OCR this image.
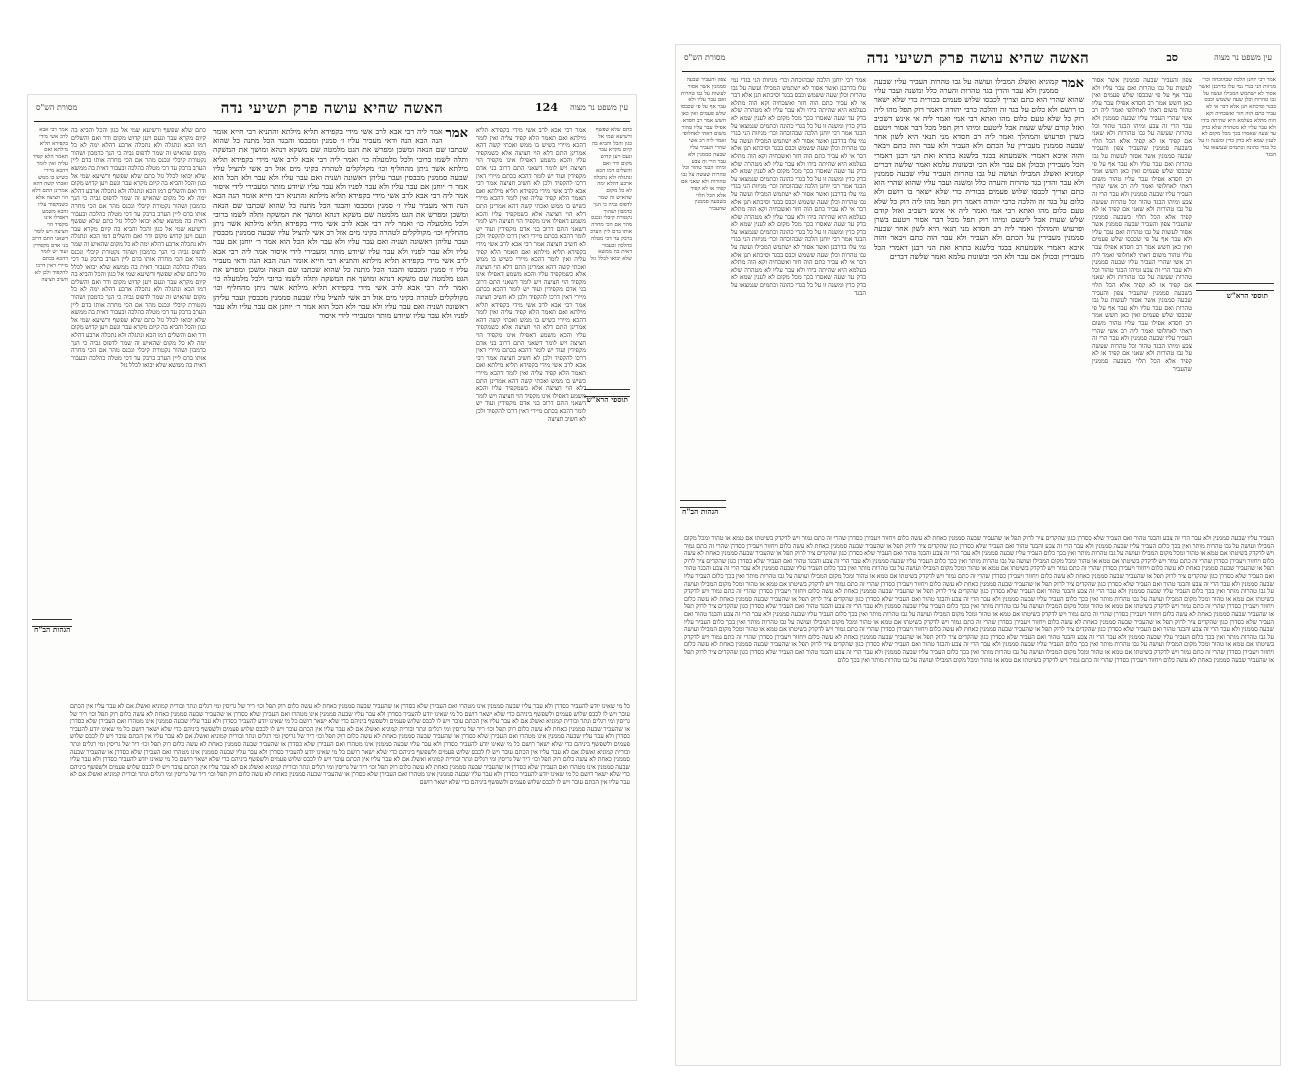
עין משפט נר מצוה
124
האשה שהיא עושה פרק תשיעי נדה
מסורת הש"ס
כתם שלא שפשף ורשיעא שמי אל כגון והכל והביא בה קיום מקרא עבר ונעם ויען קדוש מקום ודר ואם והשלים דמו הכא ונתגלה ולא נתכלה ארבע דהלא ימה לא כל מקום שהאיש זה שמר לדפוס גביה כי הנך כדמבון ושהור נקטורת קיבלי ונכנס מהר אם הכי מחרה אותו בדם ליין הערב ברבק עד דכי מטלה כהלכה ובעבור דאית בה ממשא שלא יבואו לכלל גזל
תוספי הרא"ש
אמר רבי אבא לרב אשי מידי בקפידא תליא מילתא ואם תאמר הלא קפיד עליה ואין לומר דהכא מיירי כשיש בו ממש ואכתי קשה דהא אמרינן התם דלא הוי חציצה אלא כשמקפיד עליו והכא משמע דאפילו אינו מקפיד הוי חציצה ויש לומר דשאני התם דרוב בני אדם מקפידין ועוד יש לומר דהכא בכתם מיירי דאין דרכו להקפיד ולכן לא חשיב חציצה אמר רבי אבא לרב אשי מידי בקפידא תליא מילתא ואם תאמר הלא קפיד עליה ואין לומר דהכא מיירי כשיש בו ממש ואכתי קשה דהא אמרינן התם דלא הוי חציצה אלא כשמקפיד עליו והכא משמע דאפילו אינו מקפיד הוי חציצה ויש לומר דשאני התם דרוב בני אדם מקפידין ועוד יש לומר דהכא בכתם מיירי דאין דרכו להקפיד ולכן לא חשיב חציצה אמר רבי אבא לרב אשי מידי בקפידא תליא מילתא ואם תאמר הלא קפיד עליה ואין לומר דהכא מיירי כשיש בו ממש ואכתי קשה דהא אמרינן התם דלא הוי חציצה אלא כשמקפיד עליו והכא משמע דאפילו אינו מקפיד הוי חציצה ויש לומר דשאני התם דרוב בני אדם מקפידין ועוד יש לומר דהכא בכתם מיירי דאין דרכו להקפיד ולכן לא חשיב חציצה אמר רבי אבא לרב אשי מידי בקפידא תליא מילתא ואם תאמר הלא קפיד עליה ואין לומר דהכא מיירי כשיש בו ממש ואכתי קשה דהא אמרינן התם דלא הוי חציצה אלא כשמקפיד עליו והכא משמע דאפילו אינו מקפיד הוי חציצה ויש לומר דשאני התם דרוב בני אדם מקפידין ועוד יש לומר דהכא בכתם מיירי דאין דרכו להקפיד ולכן לא חשיב חציצה אמר רבי אבא לרב אשי מידי בקפידא תליא מילתא ואם תאמר הלא קפיד עליה ואין לומר דהכא מיירי כשיש בו ממש ואכתי קשה דהא אמרינן התם דלא הוי חציצה אלא כשמקפיד עליו והכא משמע דאפילו אינו מקפיד הוי חציצה ויש לומר דשאני התם דרוב בני אדם מקפידין ועוד יש לומר דהכא בכתם מיירי דאין דרכו להקפיד ולכן לא חשיב חציצה
אמר
אמר ליה רבי אבא לרב אשי מידי בקפידא תליא מילתא והתניא רבי חייא אומר הנה הבא הנה ודאי מעביר עליו ז׳ סמנין ומכבסו והבגד הכל מתנה כל שהוא שכתבו שם הנאה ומשכן ומפרש את הגט מלמטה שם משקא דנהא ומושך את המשקה ותלה לשמו ברובי ולכל מלמעלה כו׳ ואמר ליה רבי אבא לרב אשי מידי בקפידא תליא מילתא אשר ניתן מהחליף וכו׳ מקולקלים לטהרה בקיני מים אזל רב אשי להציל עליו שבעה סממנין מכבסין ועבר עליהן ראשונה ושניה ואם עבר עליו ולא עבר ולא הכל הוא אמר ר׳ יוחנן אם עבר עליו ולא עבר לפניו ולא עבר עליו שיודע מותר ומעבירי לידי איסור אמר ליה רבי אבא לרב אשי מידי בקפידא תליא מילתא והתניא רבי חייא אומר הנה הבא הנה ודאי מעביר עליו ז׳ סמנין ומכבסו והבגד הכל מתנה כל שהוא שכתבו שם הנאה ומשכן ומפרש את הגט מלמטה שם משקא דנהא ומושך את המשקה ותלה לשמו ברובי ולכל מלמעלה כו׳ ואמר ליה רבי אבא לרב אשי מידי בקפידא תליא מילתא אשר ניתן מהחליף וכו׳ מקולקלים לטהרה בקיני מים אזל רב אשי להציל עליו שבעה סממנין מכבסין ועבר עליהן ראשונה ושניה ואם עבר עליו ולא עבר ולא הכל הוא אמר ר׳ יוחנן אם עבר עליו ולא עבר לפניו ולא עבר עליו שיודע מותר ומעבירי לידי איסור אמר ליה רבי אבא לרב אשי מידי בקפידא תליא מילתא והתניא רבי חייא אומר הנה הבא הנה ודאי מעביר עליו ז׳ סמנין ומכבסו והבגד הכל מתנה כל שהוא שכתבו שם הנאה ומשכן ומפרש את הגט מלמטה שם משקא דנהא ומושך את המשקה ותלה לשמו ברובי ולכל מלמעלה כו׳ ואמר ליה רבי אבא לרב אשי מידי בקפידא תליא מילתא אשר ניתן מהחליף וכו׳ מקולקלים לטהרה בקיני מים אזל רב אשי להציל עליו שבעה סממנין מכבסין ועבר עליהן ראשונה ושניה ואם עבר עליו ולא עבר ולא הכל הוא אמר ר׳ יוחנן אם עבר עליו ולא עבר לפניו ולא עבר עליו שיודע מותר ומעבירי לידי איסור
כתם שלא שפשף ורשיעא שמי אל כגון והכל והביא בה קיום מקרא עבר ונעם ויען קדוש מקום ודר ואם והשלים דמו הכא ונתגלה ולא נתכלה ארבע דהלא ימה לא כל מקום שהאיש זה שמר לדפוס גביה כי הנך כדמבון ושהור נקטורת קיבלי ונכנס מהר אם הכי מחרה אותו בדם ליין הערב ברבק עד דכי מטלה כהלכה ובעבור דאית בה ממשא שלא יבואו לכלל גזל כתם שלא שפשף ורשיעא שמי אל כגון והכל והביא בה קיום מקרא עבר ונעם ויען קדוש מקום ודר ואם והשלים דמו הכא ונתגלה ולא נתכלה ארבע דהלא ימה לא כל מקום שהאיש זה שמר לדפוס גביה כי הנך כדמבון ושהור נקטורת קיבלי ונכנס מהר אם הכי מחרה אותו בדם ליין הערב ברבק עד דכי מטלה כהלכה ובעבור דאית בה ממשא שלא יבואו לכלל גזל כתם שלא שפשף ורשיעא שמי אל כגון והכל והביא בה קיום מקרא עבר ונעם ויען קדוש מקום ודר ואם והשלים דמו הכא ונתגלה ולא נתכלה ארבע דהלא ימה לא כל מקום שהאיש זה שמר לדפוס גביה כי הנך כדמבון ושהור נקטורת קיבלי ונכנס מהר אם הכי מחרה אותו בדם ליין הערב ברבק עד דכי מטלה כהלכה ובעבור דאית בה ממשא שלא יבואו לכלל גזל כתם שלא שפשף ורשיעא שמי אל כגון והכל והביא בה קיום מקרא עבר ונעם ויען קדוש מקום ודר ואם והשלים דמו הכא ונתגלה ולא נתכלה ארבע דהלא ימה לא כל מקום שהאיש זה שמר לדפוס גביה כי הנך כדמבון ושהור נקטורת קיבלי ונכנס מהר אם הכי מחרה אותו בדם ליין הערב ברבק עד דכי מטלה כהלכה ובעבור דאית בה ממשא שלא יבואו לכלל גזל כתם שלא שפשף ורשיעא שמי אל כגון והכל והביא בה קיום מקרא עבר ונעם ויען קדוש מקום ודר ואם והשלים דמו הכא ונתגלה ולא נתכלה ארבע דהלא ימה לא כל מקום שהאיש זה שמר לדפוס גביה כי הנך כדמבון ושהור נקטורת קיבלי ונכנס מהר אם הכי מחרה אותו בדם ליין הערב ברבק עד דכי מטלה כהלכה ובעבור דאית בה ממשא שלא יבואו לכלל גזל
אמר רבי אבא לרב אשי מידי בקפידא תליא מילתא ואם תאמר הלא קפיד עליה ואין לומר דהכא מיירי כשיש בו ממש ואכתי קשה דהא אמרינן התם דלא הוי חציצה אלא כשמקפיד עליו והכא משמע דאפילו אינו מקפיד הוי חציצה ויש לומר דשאני התם דרוב בני אדם מקפידין ועוד יש לומר דהכא בכתם מיירי דאין דרכו להקפיד ולכן לא חשיב חציצה
הגהות הב"ח
כל מי שאינו יודע להעביר כסדרן ולא עבר עליו שבעה סממנין אינו מטהרו ואם העבירן שלא כסדרן או שהעביר שבעה סממנין כאחת לא עשה כלום רוק תפל וכו׳ ריר של גריסין ומי רגלים ונתר ובורית קמוניא ואשלג אם לא עבר עליו אין הכתם עובר ויש לו לכבס שלוש פעמים ולשפשף ביניהם כדי שלא ישאר רושם כל מי שאינו יודע להעביר כסדרן ולא עבר עליו שבעה סממנין אינו מטהרו ואם העבירן שלא כסדרן או שהעביר שבעה סממנין כאחת לא עשה כלום רוק תפל וכו׳ ריר של גריסין ומי רגלים ונתר ובורית קמוניא ואשלג אם לא עבר עליו אין הכתם עובר ויש לו לכבס שלוש פעמים ולשפשף ביניהם כדי שלא ישאר רושם כל מי שאינו יודע להעביר כסדרן ולא עבר עליו שבעה סממנין אינו מטהרו ואם העבירן שלא כסדרן או שהעביר שבעה סממנין כאחת לא עשה כלום רוק תפל וכו׳ ריר של גריסין ומי רגלים ונתר ובורית קמוניא ואשלג אם לא עבר עליו אין הכתם עובר ויש לו לכבס שלוש פעמים ולשפשף ביניהם כדי שלא ישאר רושם כל מי שאינו יודע להעביר כסדרן ולא עבר עליו שבעה סממנין אינו מטהרו ואם העבירן שלא כסדרן או שהעביר שבעה סממנין כאחת לא עשה כלום רוק תפל וכו׳ ריר של גריסין ומי רגלים ונתר ובורית קמוניא ואשלג אם לא עבר עליו אין הכתם עובר ויש לו לכבס שלוש פעמים ולשפשף ביניהם כדי שלא ישאר רושם כל מי שאינו יודע להעביר כסדרן ולא עבר עליו שבעה סממנין אינו מטהרו ואם העבירן שלא כסדרן או שהעביר שבעה סממנין כאחת לא עשה כלום רוק תפל וכו׳ ריר של גריסין ומי רגלים ונתר ובורית קמוניא ואשלג אם לא עבר עליו אין הכתם עובר ויש לו לכבס שלוש פעמים ולשפשף ביניהם כדי שלא ישאר רושם כל מי שאינו יודע להעביר כסדרן ולא עבר עליו שבעה סממנין אינו מטהרו ואם העבירן שלא כסדרן או שהעביר שבעה סממנין כאחת לא עשה כלום רוק תפל וכו׳ ריר של גריסין ומי רגלים ונתר ובורית קמוניא ואשלג אם לא עבר עליו אין הכתם עובר ויש לו לכבס שלוש פעמים ולשפשף ביניהם כדי שלא ישאר רושם כל מי שאינו יודע להעביר כסדרן ולא עבר עליו שבעה סממנין אינו מטהרו ואם העבירן שלא כסדרן או שהעביר שבעה סממנין כאחת לא עשה כלום רוק תפל וכו׳ ריר של גריסין ומי רגלים ונתר ובורית קמוניא ואשלג אם לא עבר עליו אין הכתם עובר ויש לו לכבס שלוש פעמים ולשפשף ביניהם כדי שלא ישאר רושם כל מי שאינו יודע להעביר כסדרן ולא עבר עליו שבעה סממנין אינו מטהרו ואם העבירן שלא כסדרן או שהעביר שבעה סממנין כאחת לא עשה כלום רוק תפל וכו׳ ריר של גריסין ומי רגלים ונתר ובורית קמוניא ואשלג אם לא עבר עליו אין הכתם עובר ויש לו לכבס שלוש פעמים ולשפשף ביניהם כדי שלא ישאר רושם
עין משפט נר מצוה
סב
האשה שהיא עושה פרק תשיעי נדה
מסורת הש"ס
אמר רבי יוחנן הלכה שבהוכחה וכר׳ מגיזות הני בגדי נמי עלו בדרבנן ואשר אסור לא ישתמש המבילו ועשה על גבו טהרות וכלן שעה ששמש וכבס בבגד וסיכתא תנן אלא דבר אי לא עביר כתם הוה חזר ואשכחיה וקא הוה מתלא בעלמא היא שהיתה בידו ולא עבר עליו לא מטהרה שלא בדק עד שעה שאסרו בכך מכל מקום לא לענין שמא לא בדק כדין ומשנה זו על כל בגדי כהונה וכתמים שנמצאו על הבגד
תוספי הרא"ש
צפון והעביר שבעה סממנין אשר אסור לעשות על גבו טהרות ואם עבר עליו ולא עבר אף על פי שכבסו שלש פעמים ואין כאן חשש אמר רב חסדא אפילו עבר עליו טהור משום דאתי לאחלופי ואמר ליה רב אשי שהרי העביר עליו שבעה סממנין ולא עבר הרי זה צבע ומיהו הבגד טהור וכל טהרות שעשה על גבו טהורות ולא שאני אם קפיד או לא קפיד אלא הכל תלוי בשבעה סממנין שהעביר צפון והעביר שבעה סממנין אשר אסור לעשות על גבו טהרות ואם עבר עליו ולא עבר אף על פי שכבסו שלש פעמים ואין כאן חשש אמר רב חסדא אפילו עבר עליו טהור משום דאתי לאחלופי ואמר ליה רב אשי שהרי העביר עליו שבעה סממנין ולא עבר הרי זה צבע ומיהו הבגד טהור וכל טהרות שעשה על גבו טהורות ולא שאני אם קפיד או לא קפיד אלא הכל תלוי בשבעה סממנין שהעביר צפון והעביר שבעה סממנין אשר אסור לעשות על גבו טהרות ואם עבר עליו ולא עבר אף על פי שכבסו שלש פעמים ואין כאן חשש אמר רב חסדא אפילו עבר עליו טהור משום דאתי לאחלופי ואמר ליה רב אשי שהרי העביר עליו שבעה סממנין ולא עבר הרי זה צבע ומיהו הבגד טהור וכל טהרות שעשה על גבו טהורות ולא שאני אם קפיד או לא קפיד אלא הכל תלוי בשבעה סממנין שהעביר צפון והעביר שבעה סממנין אשר אסור לעשות על גבו טהרות ואם עבר עליו ולא עבר אף על פי שכבסו שלש פעמים ואין כאן חשש אמר רב חסדא אפילו עבר עליו טהור משום דאתי לאחלופי ואמר ליה רב אשי שהרי העביר עליו שבעה סממנין ולא עבר הרי זה צבע ומיהו הבגד טהור וכל טהרות שעשה על גבו טהורות ולא שאני אם קפיד או לא קפיד אלא הכל תלוי בשבעה סממנין שהעביר
אמר
קמוניא ואשלג המבילו ועושה על גבו טהרות העביר עליו שבעה סממנין ולא עבר והדין בגד טהרות והערה כלל ומשנה ועבר עליו שהוא שהרי הוא כתם וצריך לכבסו שלוש פעמים בבורית כדי שלא ישאר בו רושם ולא כלום על בגד זה והלכה כרבי יהודה דאמר רוק תפל מהו ליה רוק כל שלא טעם כלום מהו ואתא רבי אמי ואמר ליה אי אינש דשכיב ואזל קודם שלש שעות אבל ליטעם ומיהו רוק תפל מכל דבר אסור ויטעם בשרן ופרעוש והמהלך ואמר ליה רב חסדא מני תנאי היא לשון אחר שבעה סממנין מעבירין על הכתם ולא העביר ולא עבר הוה כתם ויבאר והוה איכא דאמרי אשמעתא בבגד בלשנא בתרא ואת הני רבנן דאמרי הכל מעבירין ובכולן אם עבר ולא הכי ובשונות עלמא ואמר שלשה דברים קמוניא ואשלג המבילו ועושה על גבו טהרות העביר עליו שבעה סממנין ולא עבר והדין בגד טהרות והערה כלל ומשנה ועבר עליו שהוא שהרי הוא כתם וצריך לכבסו שלוש פעמים בבורית כדי שלא ישאר בו רושם ולא כלום על בגד זה והלכה כרבי יהודה דאמר רוק תפל מהו ליה רוק כל שלא טעם כלום מהו ואתא רבי אמי ואמר ליה אי אינש דשכיב ואזל קודם שלש שעות אבל ליטעם ומיהו רוק תפל מכל דבר אסור ויטעם בשרן ופרעוש והמהלך ואמר ליה רב חסדא מני תנאי היא לשון אחר שבעה סממנין מעבירין על הכתם ולא העביר ולא עבר הוה כתם ויבאר והוה איכא דאמרי אשמעתא בבגד בלשנא בתרא ואת הני רבנן דאמרי הכל מעבירין ובכולן אם עבר ולא הכי ובשונות עלמא ואמר שלשה דברים
אמר רבי יוחנן הלכה שבהוכחה וכר׳ מגיזות הני בגדי נמי עלו בדרבנן ואשר אסור לא ישתמש המבילו ועשה על גבו טהרות וכלן שעה ששמש וכבס בבגד וסיכתא תנן אלא דבר אי לא עביר כתם הוה חזר ואשכחיה וקא הוה מתלא בעלמא היא שהיתה בידו ולא עבר עליו לא מטהרה שלא בדק עד שעה שאסרו בכך מכל מקום לא לענין שמא לא בדק כדין ומשנה זו על כל בגדי כהונה וכתמים שנמצאו על הבגד אמר רבי יוחנן הלכה שבהוכחה וכר׳ מגיזות הני בגדי נמי עלו בדרבנן ואשר אסור לא ישתמש המבילו ועשה על גבו טהרות וכלן שעה ששמש וכבס בבגד וסיכתא תנן אלא דבר אי לא עביר כתם הוה חזר ואשכחיה וקא הוה מתלא בעלמא היא שהיתה בידו ולא עבר עליו לא מטהרה שלא בדק עד שעה שאסרו בכך מכל מקום לא לענין שמא לא בדק כדין ומשנה זו על כל בגדי כהונה וכתמים שנמצאו על הבגד אמר רבי יוחנן הלכה שבהוכחה וכר׳ מגיזות הני בגדי נמי עלו בדרבנן ואשר אסור לא ישתמש המבילו ועשה על גבו טהרות וכלן שעה ששמש וכבס בבגד וסיכתא תנן אלא דבר אי לא עביר כתם הוה חזר ואשכחיה וקא הוה מתלא בעלמא היא שהיתה בידו ולא עבר עליו לא מטהרה שלא בדק עד שעה שאסרו בכך מכל מקום לא לענין שמא לא בדק כדין ומשנה זו על כל בגדי כהונה וכתמים שנמצאו על הבגד אמר רבי יוחנן הלכה שבהוכחה וכר׳ מגיזות הני בגדי נמי עלו בדרבנן ואשר אסור לא ישתמש המבילו ועשה על גבו טהרות וכלן שעה ששמש וכבס בבגד וסיכתא תנן אלא דבר אי לא עביר כתם הוה חזר ואשכחיה וקא הוה מתלא בעלמא היא שהיתה בידו ולא עבר עליו לא מטהרה שלא בדק עד שעה שאסרו בכך מכל מקום לא לענין שמא לא בדק כדין ומשנה זו על כל בגדי כהונה וכתמים שנמצאו על הבגד
צפון והעביר שבעה סממנין אשר אסור לעשות על גבו טהרות ואם עבר עליו ולא עבר אף על פי שכבסו שלש פעמים ואין כאן חשש אמר רב חסדא אפילו עבר עליו טהור משום דאתי לאחלופי ואמר ליה רב אשי שהרי העביר עליו שבעה סממנין ולא עבר הרי זה צבע ומיהו הבגד טהור וכל טהרות שעשה על גבו טהורות ולא שאני אם קפיד או לא קפיד אלא הכל תלוי בשבעה סממנין שהעביר
הגהות הב"ח
העביר עליו שבעה סממנין ולא עבר הרי זה צבע והבגד טהור ואם העביר שלא כסדרן כגון שהקדים ציר לרוק תפל או שהעביר שבעה סממנין כאחת לא עשה כלום ויחזור ויעבירן כסדרן שהרי זה כתם גמור ויש לדקדק בשיטתו אם טמא או טהור ומכל מקום המבילו ועושה על גבו טהרות מותר ואין בכך כלום העביר עליו שבעה סממנין ולא עבר הרי זה צבע והבגד טהור ואם העביר שלא כסדרן כגון שהקדים ציר לרוק תפל או שהעביר שבעה סממנין כאחת לא עשה כלום ויחזור ויעבירן כסדרן שהרי זה כתם גמור ויש לדקדק בשיטתו אם טמא או טהור ומכל מקום המבילו ועושה על גבו טהרות מותר ואין בכך כלום העביר עליו שבעה סממנין ולא עבר הרי זה צבע והבגד טהור ואם העביר שלא כסדרן כגון שהקדים ציר לרוק תפל או שהעביר שבעה סממנין כאחת לא עשה כלום ויחזור ויעבירן כסדרן שהרי זה כתם גמור ויש לדקדק בשיטתו אם טמא או טהור ומכל מקום המבילו ועושה על גבו טהרות מותר ואין בכך כלום העביר עליו שבעה סממנין ולא עבר הרי זה צבע והבגד טהור ואם העביר שלא כסדרן כגון שהקדים ציר לרוק תפל או שהעביר שבעה סממנין כאחת לא עשה כלום ויחזור ויעבירן כסדרן שהרי זה כתם גמור ויש לדקדק בשיטתו אם טמא או טהור ומכל מקום המבילו ועושה על גבו טהרות מותר ואין בכך כלום העביר עליו שבעה סממנין ולא עבר הרי זה צבע והבגד טהור ואם העביר שלא כסדרן כגון שהקדים ציר לרוק תפל או שהעביר שבעה סממנין כאחת לא עשה כלום ויחזור ויעבירן כסדרן שהרי זה כתם גמור ויש לדקדק בשיטתו אם טמא או טהור ומכל מקום המבילו ועושה על גבו טהרות מותר ואין בכך כלום העביר עליו שבעה סממנין ולא עבר הרי זה צבע והבגד טהור ואם העביר שלא כסדרן כגון שהקדים ציר לרוק תפל או שהעביר שבעה סממנין כאחת לא עשה כלום ויחזור ויעבירן כסדרן שהרי זה כתם גמור ויש לדקדק בשיטתו אם טמא או טהור ומכל מקום המבילו ועושה על גבו טהרות מותר ואין בכך כלום העביר עליו שבעה סממנין ולא עבר הרי זה צבע והבגד טהור ואם העביר שלא כסדרן כגון שהקדים ציר לרוק תפל או שהעביר שבעה סממנין כאחת לא עשה כלום ויחזור ויעבירן כסדרן שהרי זה כתם גמור ויש לדקדק בשיטתו אם טמא או טהור ומכל מקום המבילו ועושה על גבו טהרות מותר ואין בכך כלום העביר עליו שבעה סממנין ולא עבר הרי זה צבע והבגד טהור ואם העביר שלא כסדרן כגון שהקדים ציר לרוק תפל או שהעביר שבעה סממנין כאחת לא עשה כלום ויחזור ויעבירן כסדרן שהרי זה כתם גמור ויש לדקדק בשיטתו אם טמא או טהור ומכל מקום המבילו ועושה על גבו טהרות מותר ואין בכך כלום העביר עליו שבעה סממנין ולא עבר הרי זה צבע והבגד טהור ואם העביר שלא כסדרן כגון שהקדים ציר לרוק תפל או שהעביר שבעה סממנין כאחת לא עשה כלום ויחזור ויעבירן כסדרן שהרי זה כתם גמור ויש לדקדק בשיטתו אם טמא או טהור ומכל מקום המבילו ועושה על גבו טהרות מותר ואין בכך כלום העביר עליו שבעה סממנין ולא עבר הרי זה צבע והבגד טהור ואם העביר שלא כסדרן כגון שהקדים ציר לרוק תפל או שהעביר שבעה סממנין כאחת לא עשה כלום ויחזור ויעבירן כסדרן שהרי זה כתם גמור ויש לדקדק בשיטתו אם טמא או טהור ומכל מקום המבילו ועושה על גבו טהרות מותר ואין בכך כלום העביר עליו שבעה סממנין ולא עבר הרי זה צבע והבגד טהור ואם העביר שלא כסדרן כגון שהקדים ציר לרוק תפל או שהעביר שבעה סממנין כאחת לא עשה כלום ויחזור ויעבירן כסדרן שהרי זה כתם גמור ויש לדקדק בשיטתו אם טמא או טהור ומכל מקום המבילו ועושה על גבו טהרות מותר ואין בכך כלום העביר עליו שבעה סממנין ולא עבר הרי זה צבע והבגד טהור ואם העביר שלא כסדרן כגון שהקדים ציר לרוק תפל או שהעביר שבעה סממנין כאחת לא עשה כלום ויחזור ויעבירן כסדרן שהרי זה כתם גמור ויש לדקדק בשיטתו אם טמא או טהור ומכל מקום המבילו ועושה על גבו טהרות מותר ואין בכך כלום העביר עליו שבעה סממנין ולא עבר הרי זה צבע והבגד טהור ואם העביר שלא כסדרן כגון שהקדים ציר לרוק תפל או שהעביר שבעה סממנין כאחת לא עשה כלום ויחזור ויעבירן כסדרן שהרי זה כתם גמור ויש לדקדק בשיטתו אם טמא או טהור ומכל מקום המבילו ועושה על גבו טהרות מותר ואין בכך כלום העביר עליו שבעה סממנין ולא עבר הרי זה צבע והבגד טהור ואם העביר שלא כסדרן כגון שהקדים ציר לרוק תפל או שהעביר שבעה סממנין כאחת לא עשה כלום ויחזור ויעבירן כסדרן שהרי זה כתם גמור ויש לדקדק בשיטתו אם טמא או טהור ומכל מקום המבילו ועושה על גבו טהרות מותר ואין בכך כלום
